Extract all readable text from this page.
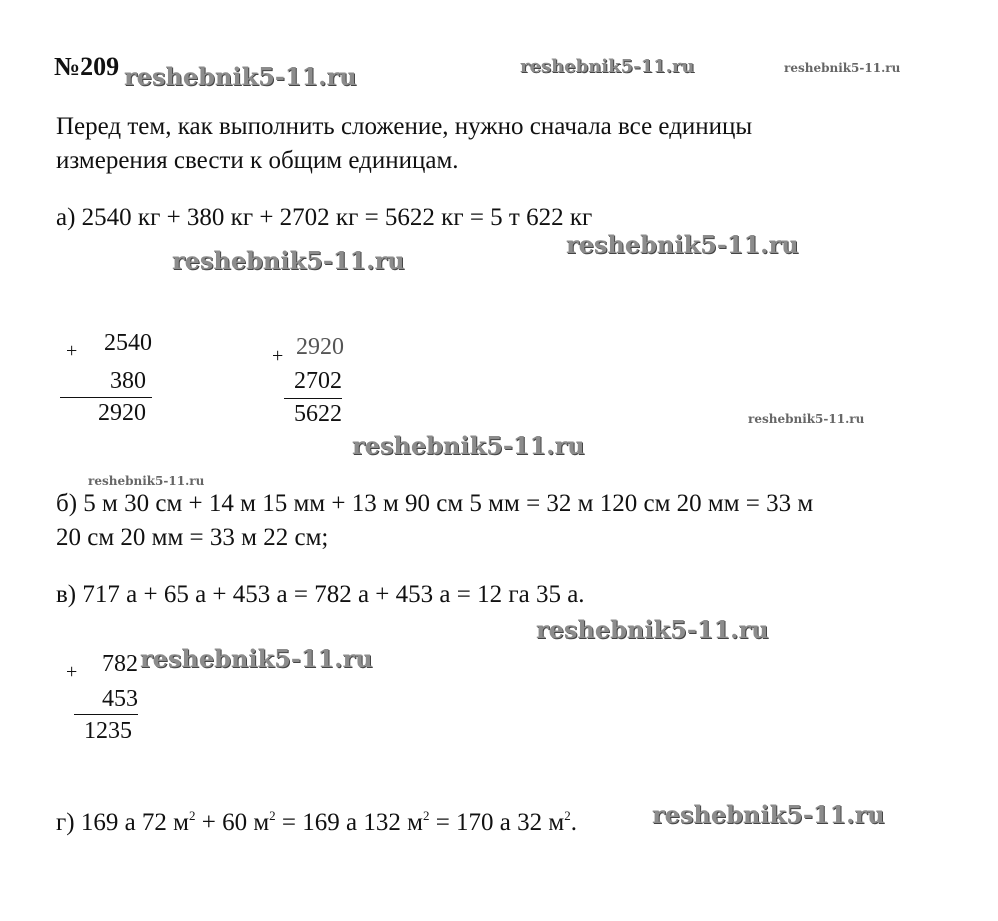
№209
Перед тем, как выполнить сложение, нужно сначала все единицы
измерения свести к общим единицам.
а) 2540 кг + 380 кг + 2702 кг = 5622 кг = 5 т 622 кг
+	2540
380
2920
+ 2920
2702
5622
б) 5 м 30 см + 14 м 15 мм + 13 м 90 см 5 мм = 32 м 120 см 20 мм = 33 м
20 см 20 мм = 33 м 22 см;
в) 717 а + 65 а + 453 а = 782 а + 453 а = 12 га 35 а.
+	782
453
1235
г) 169 а 72 $м^2 + 60$ $м^2 = 169$ а 132 $м^2 = 170$ а 32 $м^2$.
reshebnik5-11.ru	reshebnik5-11.ru	reshebnik5-11.ru
reshebnik5-11.ru
reshebnik5-11.ru
reshebnik5-11.ru
reshebnik5-11.ru
reshebnik5-11.ru
reshebnik5-11.ru
reshebnik5-11.ru
reshebnik5-11.ru
